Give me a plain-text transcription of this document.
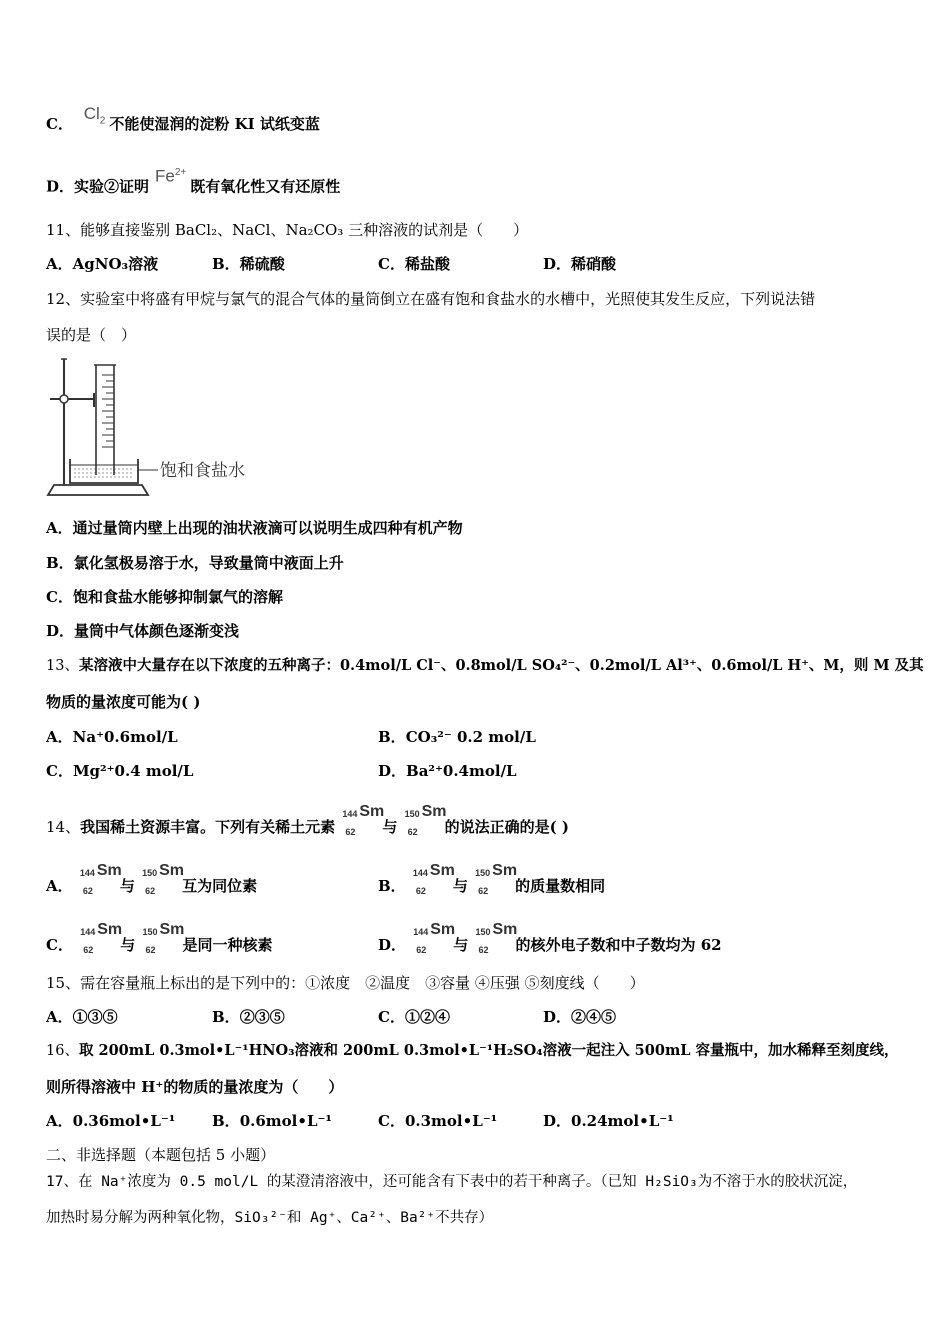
C． $Cl_2$ 不能使湿润的淀粉 KI 试纸变蓝
D．实验②证明$Fe^{2+}$既有氧化性又有还原性
11、能够直接鉴别 BaCl₂、NaCl、Na₂CO₃ 三种溶液的试剂是（　　）
A．AgNO₃溶液	B．稀硫酸	C．稀盐酸	D．稀硝酸
12、实验室中将盛有甲烷与氯气的混合气体的量筒倒立在盛有饱和食盐水的水槽中，光照使其发生反应，下列说法错
误的是（　）
饱和食盐水
A．通过量筒内壁上出现的油状液滴可以说明生成四种有机产物
B．氯化氢极易溶于水，导致量筒中液面上升
C．饱和食盐水能够抑制氯气的溶解
D．量筒中气体颜色逐渐变浅
13、某溶液中大量存在以下浓度的五种离子：0.4mol/L Cl⁻、0.8mol/L SO₄²⁻、0.2mol/L Al³⁺、0.6mol/L H⁺、M，则 M 及其
物质的量浓度可能为( )
A．Na⁺0.6mol/L	B．CO₃²⁻ 0.2 mol/L
C．Mg²⁺0.4 mol/L	D．Ba²⁺0.4mol/L
14、我国稀土资源丰富。下列有关稀土元素
144
62
Sm
与
150
62
Sm
的说法正确的是( )
A．
144
62
Sm
与
150
62
Sm
互为同位素	B．
144
62
Sm
与
150
62
Sm
的质量数相同
C．
144
62
Sm
与
150
62
Sm
是同一种核素	D．
144
62
Sm
与
150
62
Sm
的核外电子数和中子数均为 62
15、需在容量瓶上标出的是下列中的：①浓度　②温度　③容量 ④压强 ⑤刻度线（　　）
A．①③⑤	B．②③⑤	C．①②④	D．②④⑤
16、取 200mL 0.3mol•L⁻¹HNO₃溶液和 200mL 0.3mol•L⁻¹H₂SO₄溶液一起注入 500mL 容量瓶中，加水稀释至刻度线，
则所得溶液中 H⁺的物质的量浓度为（　　）
A．0.36mol•L⁻¹ B．0.6mol•L⁻¹	C．0.3mol•L⁻¹	D．0.24mol•L⁻¹
二、非选择题（本题包括 5 小题）
17、在 Na⁺浓度为 0.5 mol/L 的某澄清溶液中，还可能含有下表中的若干种离子。（已知 H₂SiO₃为不溶于水的胶状沉淀，
加热时易分解为两种氧化物，SiO₃²⁻和 Ag⁺、Ca²⁺、Ba²⁺不共存）
